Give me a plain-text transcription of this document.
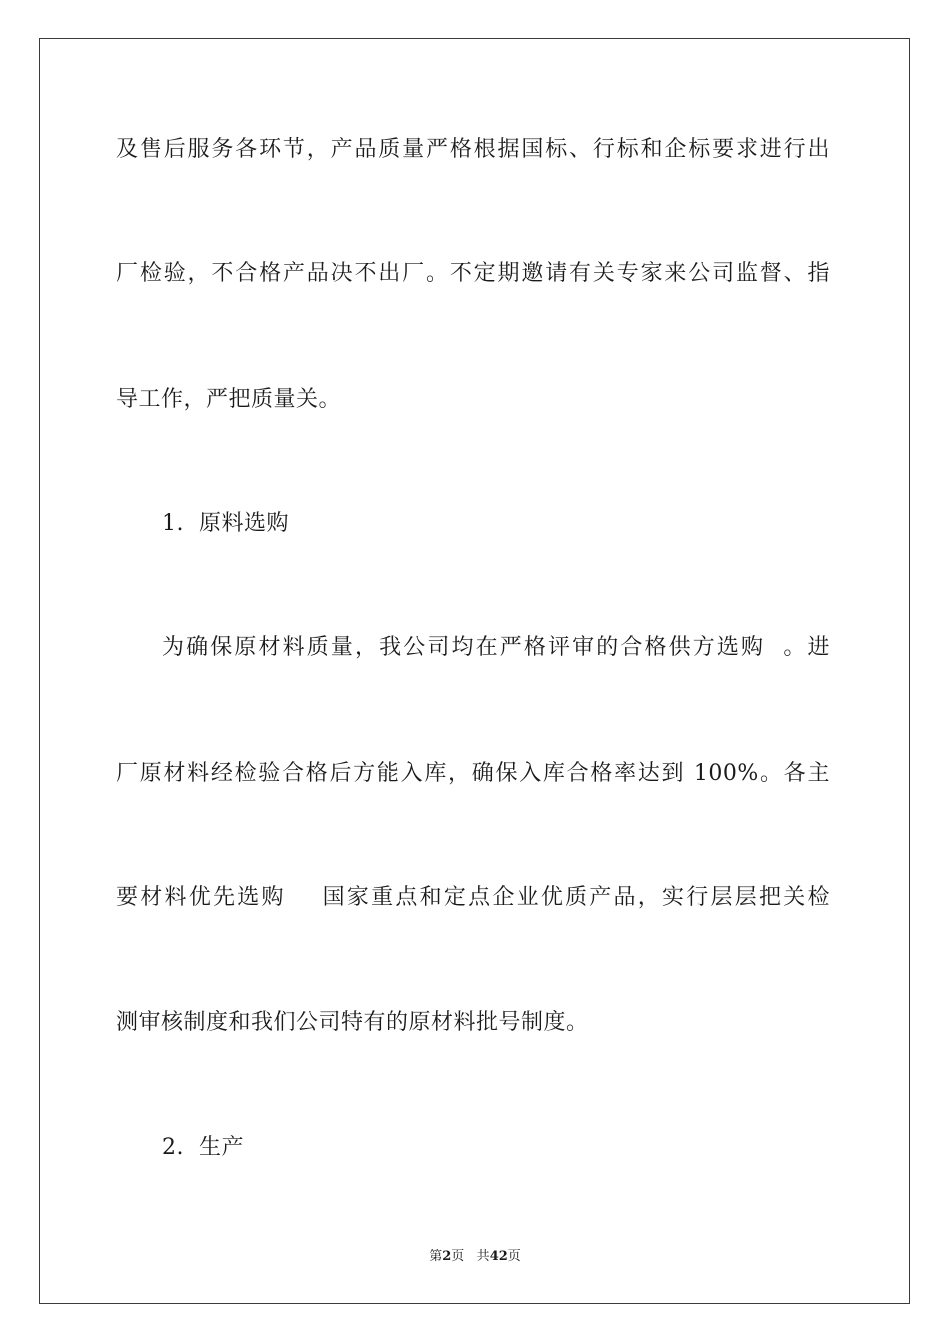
及售后服务各环节，产品质量严格根据国标、行标和企标要求进行出
厂检验，不合格产品决不出厂。不定期邀请有关专家来公司监督、指
导工作，严把质量关。
1.  原料选购
为确保原材料质量，我公司均在严格评审的合格供方选购  。进
厂原材料经检验合格后方能入库，确保入库合格率达到 100%。各主
要材料优先选购    国家重点和定点企业优质产品，实行层层把关检
测审核制度和我们公司特有的原材料批号制度。
2.  生产
第2页 共42页
